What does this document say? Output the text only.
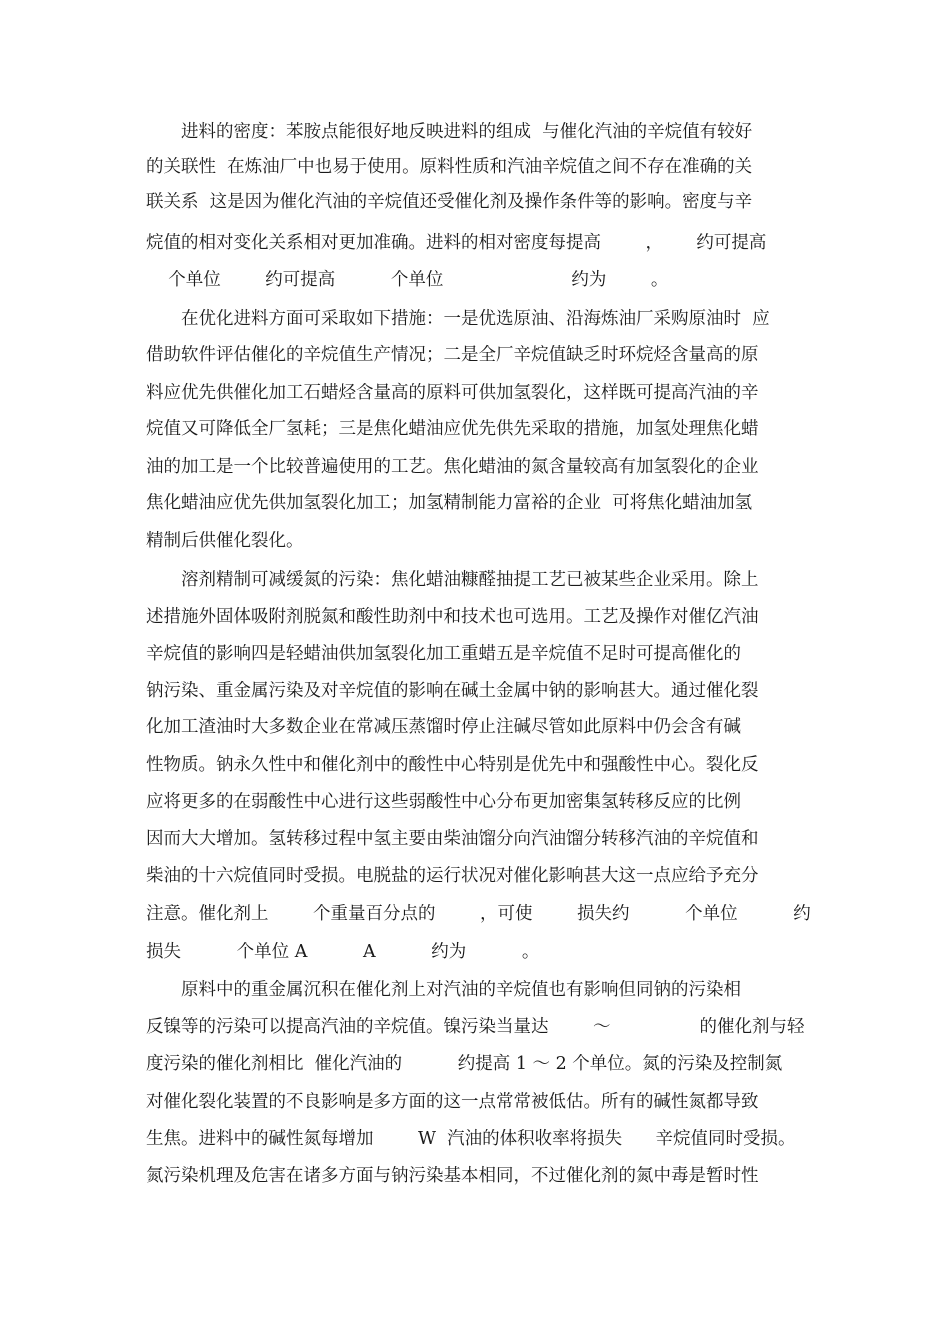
进料的密度：苯胺点能很好地反映进料的组成  与催化汽油的辛烷值有较好
的关联性  在炼油厂中也易于使用。原料性质和汽油辛烷值之间不存在准确的关
联关系  这是因为催化汽油的辛烷值还受催化剂及操作条件等的影响。密度与辛
烷值的相对变化关系相对更加准确。进料的相对密度每提高        ，      约可提高
个单位        约可提高          个单位                       约为        。
在优化进料方面可采取如下措施：一是优选原油、沿海炼油厂采购原油时  应
借助软件评估催化的辛烷值生产情况；二是全厂辛烷值缺乏时环烷烃含量高的原
料应优先供催化加工石蜡烃含量高的原料可供加氢裂化，这样既可提高汽油的辛
烷值又可降低全厂氢耗；三是焦化蜡油应优先供先采取的措施，加氢处理焦化蜡
油的加工是一个比较普遍使用的工艺。焦化蜡油的氮含量较高有加氢裂化的企业
焦化蜡油应优先供加氢裂化加工；加氢精制能力富裕的企业  可将焦化蜡油加氢
精制后供催化裂化。
溶剂精制可减缓氮的污染：焦化蜡油糠醛抽提工艺已被某些企业采用。除上
述措施外固体吸附剂脱氮和酸性助剂中和技术也可选用。工艺及操作对催亿汽油
辛烷值的影响四是轻蜡油供加氢裂化加工重蜡五是辛烷值不足时可提高催化的
钠污染、重金属污染及对辛烷值的影响在碱土金属中钠的影响甚大。通过催化裂
化加工渣油时大多数企业在常减压蒸馏时停止注碱尽管如此原料中仍会含有碱
性物质。钠永久性中和催化剂中的酸性中心特别是优先中和强酸性中心。裂化反
应将更多的在弱酸性中心进行这些弱酸性中心分布更加密集氢转移反应的比例
因而大大增加。氢转移过程中氢主要由柴油馏分向汽油馏分转移汽油的辛烷值和
柴油的十六烷值同时受损。电脱盐的运行状况对催化影响甚大这一点应给予充分
注意。催化剂上        个重量百分点的        ，可使        损失约          个单位          约
损失          个单位 A          A          约为          。
原料中的重金属沉积在催化剂上对汽油的辛烷值也有影响但同钠的污染相
反镍等的污染可以提高汽油的辛烷值。镍污染当量达        ～                的催化剂与轻
度污染的催化剂相比  催化汽油的          约提高 1 ～ 2 个单位。氮的污染及控制氮
对催化裂化装置的不良影响是多方面的这一点常常被低估。所有的碱性氮都导致
生焦。进料中的碱性氮每增加        W  汽油的体积收率将损失      辛烷值同时受损。
氮污染机理及危害在诸多方面与钠污染基本相同，不过催化剂的氮中毒是暂时性
